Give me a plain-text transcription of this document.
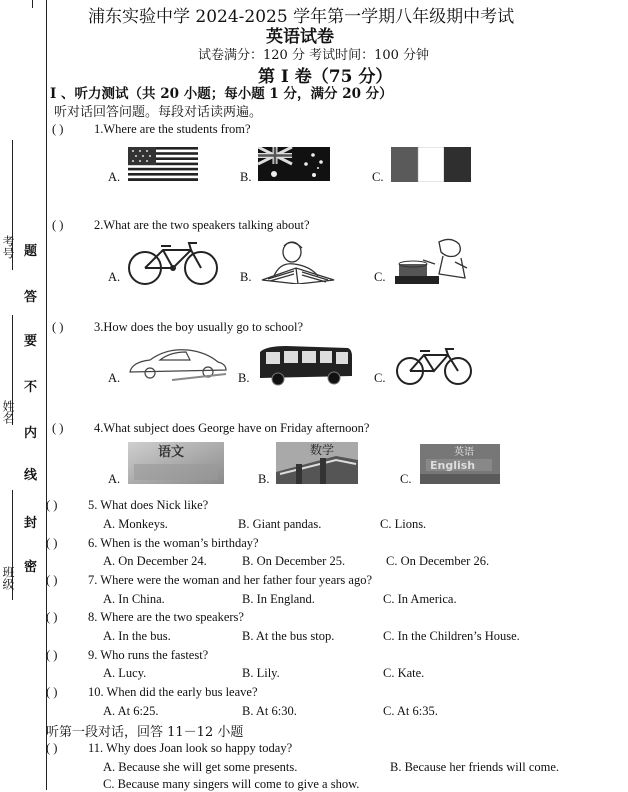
考号
姓名
班级
题
答
要
不
内
线
封
密
浦东实验中学 2024-2025 学年第一学期八年级期中考试
英语试卷
试卷满分：120 分 考试时间：100 分钟
第 I 卷（75 分）
I 、听力测试（共 20 小题；每小题 1 分，满分 20 分）
听对话回答问题。每段对话读两遍。
( ) 1.Where are the students from?
A.	B.	C.
( ) 2.What are the two speakers talking about?
A.	B.	C.
( ) 3.How does the boy usually go to school?
A.	B.	C.
( ) 4.What subject does George have on Friday afternoon?
A.
语文
B.
数学
C.
英语
English
( ) 5. What does Nick like?
A. Monkeys.	B. Giant pandas.	C. Lions.
( ) 6. When is the woman’s birthday?
A. On December 24.	B. On December 25.	C. On December 26.
( ) 7. Where were the woman and her father four years ago?
A. In China.	B. In England.	C. In America.
( ) 8. Where are the two speakers?
A. In the bus.	B. At the bus stop.	C. In the Children’s House.
( ) 9. Who runs the fastest?
A. Lucy.	B. Lily.	C. Kate.
( ) 10. When did the early bus leave?
A. At 6:25.	B. At 6:30.	C. At 6:35.
听第一段对话，回答 11－12 小题
( ) 11. Why does Joan look so happy today?
A. Because she will get some presents.	B. Because her friends will come.
C. Because many singers will come to give a show.
